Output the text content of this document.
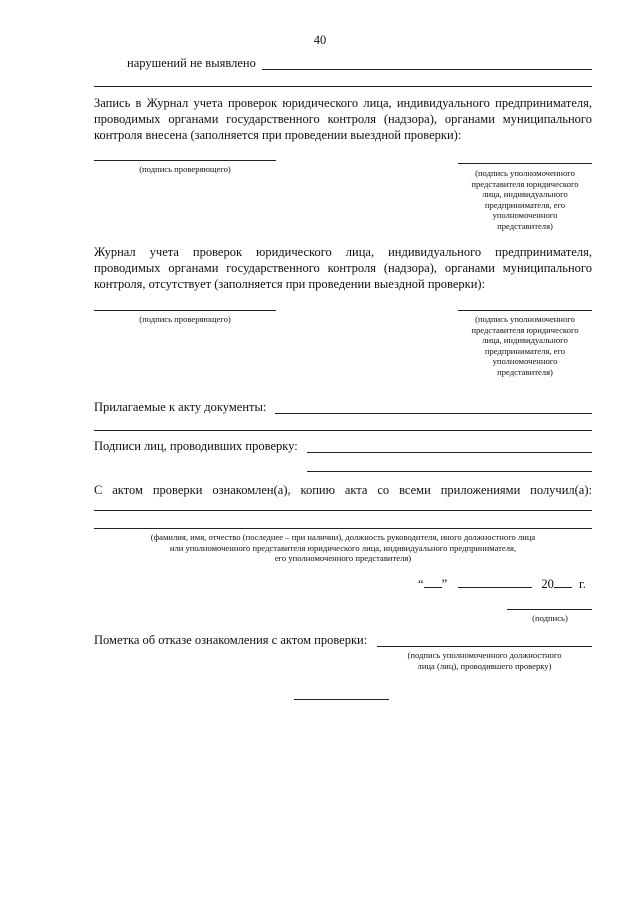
40
нарушений не выявлено
Запись в Журнал учета проверок юридического лица, индивидуального предпринимателя,
проводимых органами государственного контроля (надзора), органами муниципального
контроля внесена (заполняется при проведении выездной проверки):
(подпись проверяющего)	(подпись уполномоченного
представителя юридического
лица, индивидуального
предпринимателя, его
уполномоченного
представителя)
Журнал учета проверок юридического лица, индивидуального предпринимателя,
проводимых органами государственного контроля (надзора), органами муниципального
контроля, отсутствует (заполняется при проведении выездной проверки):
(подпись проверяющего)	(подпись уполномоченного
представителя юридического
лица, индивидуального
предпринимателя, его
уполномоченного
представителя)
Прилагаемые к акту документы:
Подписи лиц, проводивших проверку:
С актом проверки ознакомлен(а), копию акта со всеми приложениями получил(а):
(фамилия, имя, отчество (последнее – при наличии), должность руководителя, иного должностного лица
или уполномоченного представителя юридического лица, индивидуального предпринимателя,
его уполномоченного представителя)
“ ”	20 г.
(подпись)
Пометка об отказе ознакомления с актом проверки:
(подпись уполномоченного должностного
лица (лиц), проводившего проверку)
